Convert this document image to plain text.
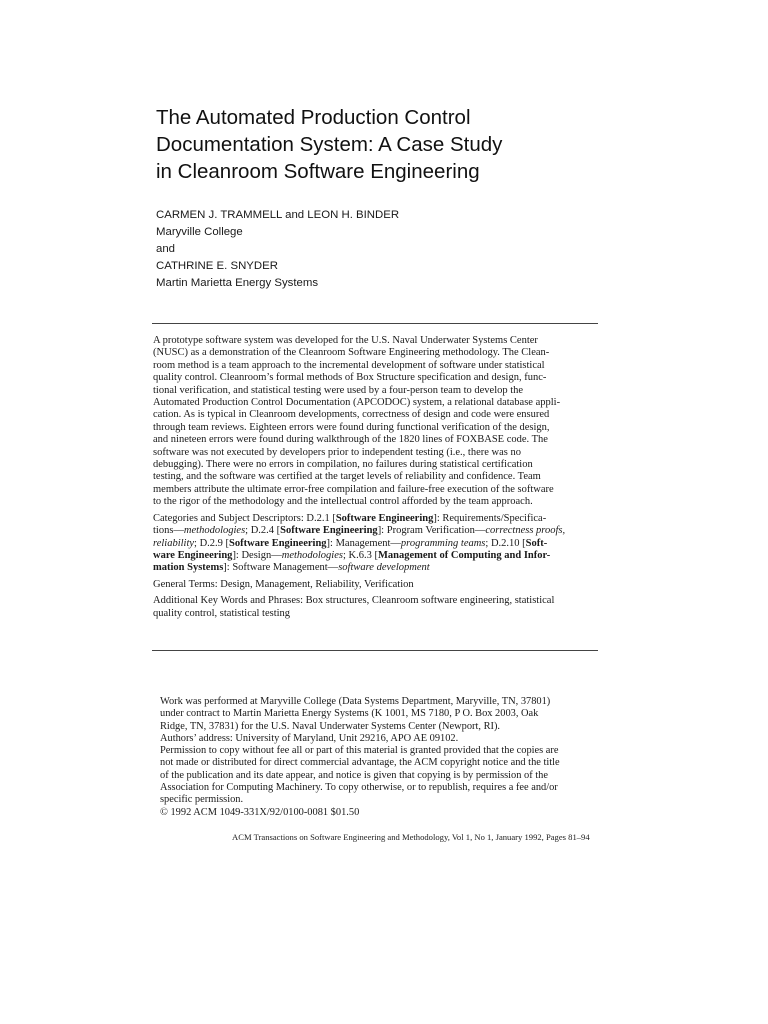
The Automated Production Control
Documentation System: A Case Study
in Cleanroom Software Engineering
CARMEN J. TRAMMELL and LEON H. BINDER
Maryville College
and
CATHRINE E. SNYDER
Martin Marietta Energy Systems

A prototype software system was developed for the U.S. Naval Underwater Systems Center
(NUSC) as a demonstration of the Cleanroom Software Engineering methodology. The Clean-
room method is a team approach to the incremental development of software under statistical
quality control. Cleanroom’s formal methods of Box Structure specification and design, func-
tional verification, and statistical testing were used by a four-person team to develop the
Automated Production Control Documentation (APCODOC) system, a relational database appli-
cation. As is typical in Cleanroom developments, correctness of design and code were ensured
through team reviews. Eighteen errors were found during functional verification of the design,
and nineteen errors were found during walkthrough of the 1820 lines of FOXBASE code. The
software was not executed by developers prior to independent testing (i.e., there was no
debugging). There were no errors in compilation, no failures during statistical certification
testing, and the software was certified at the target levels of reliability and confidence. Team
members attribute the ultimate error-free compilation and failure-free execution of the software
to the rigor of the methodology and the intellectual control afforded by the team approach.

Categories and Subject Descriptors: D.2.1 [Software Engineering]: Requirements/Specifica-
tions—methodologies; D.2.4 [Software Engineering]: Program Verification—correctness proofs,
reliability; D.2.9 [Software Engineering]: Management—programming teams; D.2.10 [Soft-
ware Engineering]: Design—methodologies; K.6.3 [Management of Computing and Infor-
mation Systems]: Software Management—software development

General Terms: Design, Management, Reliability, Verification

Additional Key Words and Phrases: Box structures, Cleanroom software engineering, statistical
quality control, statistical testing

Work was performed at Maryville College (Data Systems Department, Maryville, TN, 37801)
under contract to Martin Marietta Energy Systems (K 1001, MS 7180, P O. Box 2003, Oak
Ridge, TN, 37831) for the U.S. Naval Underwater Systems Center (Newport, RI).
Authors’ address: University of Maryland, Unit 29216, APO AE 09102.
Permission to copy without fee all or part of this material is granted provided that the copies are
not made or distributed for direct commercial advantage, the ACM copyright notice and the title
of the publication and its date appear, and notice is given that copying is by permission of the
Association for Computing Machinery. To copy otherwise, or to republish, requires a fee and/or
specific permission.
© 1992 ACM 1049-331X/92/0100-0081 $01.50
ACM Transactions on Software Engineering and Methodology, Vol 1, No 1, January 1992, Pages 81–94
